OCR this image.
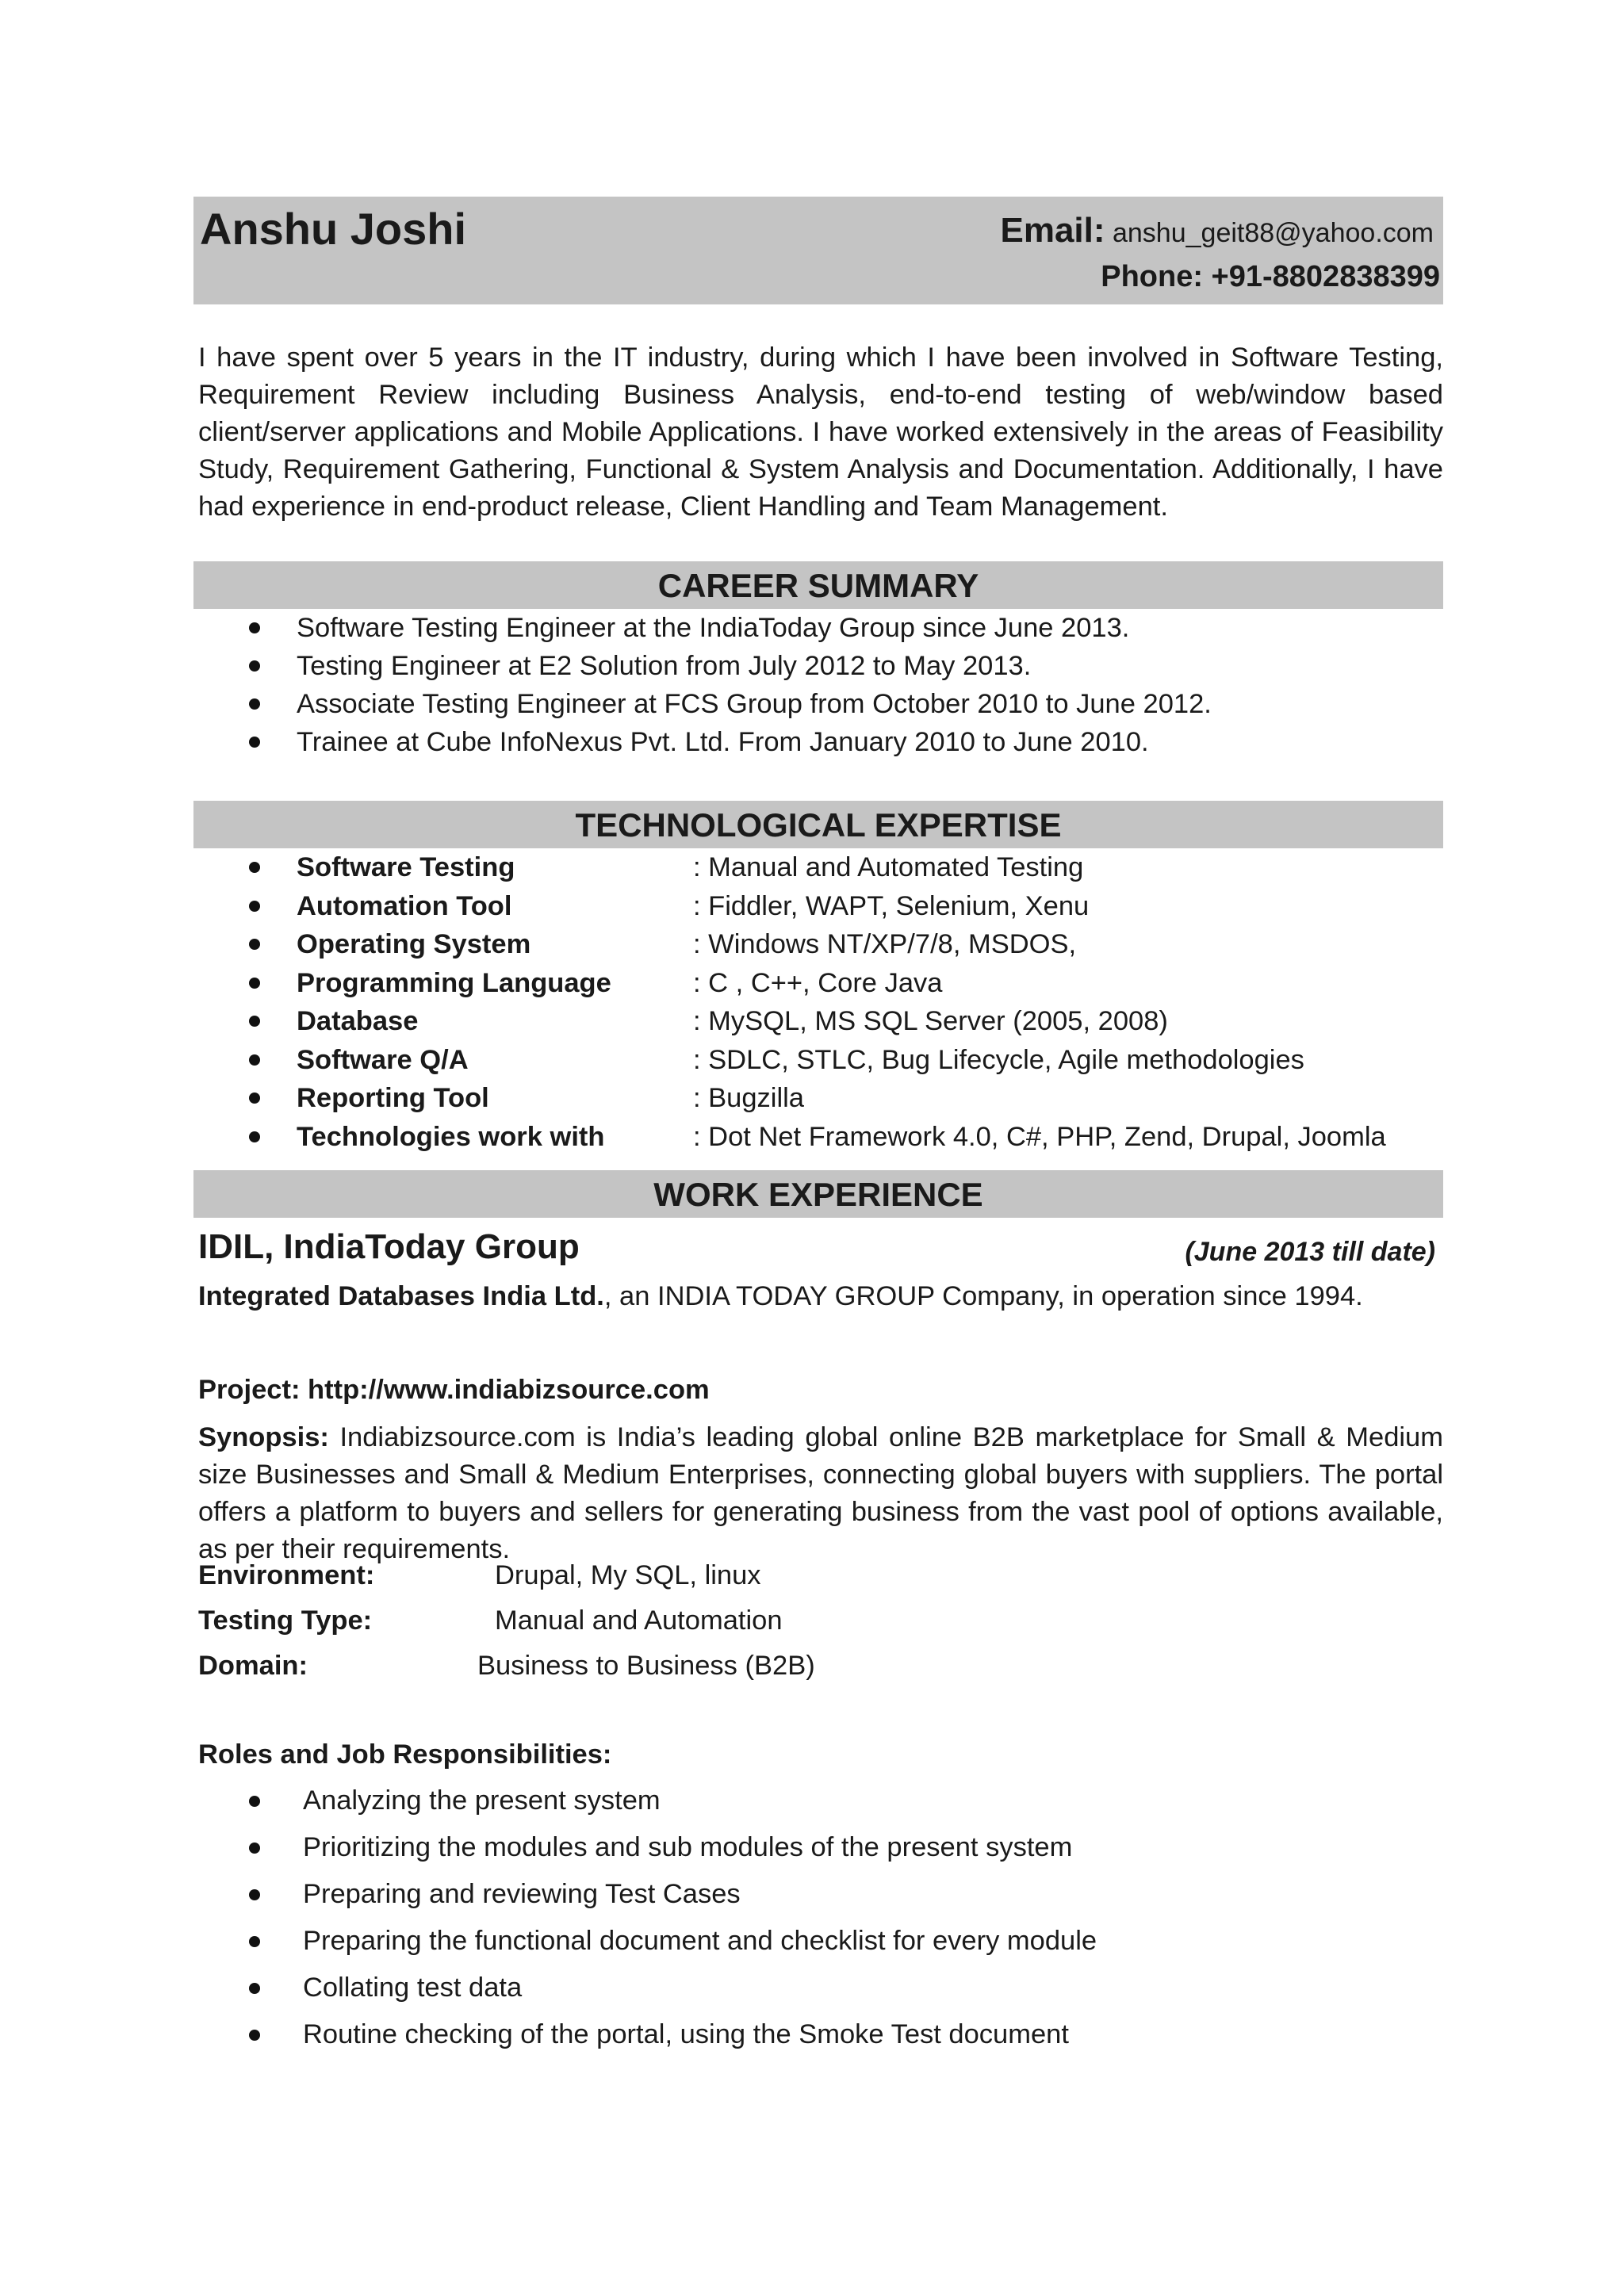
Anshu Joshi	Email: anshu_geit88@yahoo.com
Phone: +91-8802838399
I have spent over 5 years in the IT industry, during which I have been involved in Software Testing, Requirement Review including Business Analysis, end-to-end testing of web/window based client/server applications and Mobile Applications. I have worked extensively in the areas of Feasibility Study, Requirement Gathering, Functional & System Analysis and Documentation. Additionally, I have had experience in end-product release, Client Handling and Team Management.
CAREER SUMMARY
Software Testing Engineer at the IndiaToday Group since June 2013.
Testing Engineer at E2 Solution from July 2012 to May 2013.
Associate Testing Engineer at FCS Group from October 2010 to June 2012.
Trainee at Cube InfoNexus Pvt. Ltd. From January 2010 to June 2010.
TECHNOLOGICAL EXPERTISE
Software Testing	: Manual and Automated Testing
Automation Tool	: Fiddler, WAPT, Selenium, Xenu
Operating System	: Windows NT/XP/7/8, MSDOS,
Programming Language	: C , C++, Core Java
Database	: MySQL, MS SQL Server (2005, 2008)
Software Q/A	: SDLC, STLC, Bug Lifecycle, Agile methodologies
Reporting Tool	: Bugzilla
Technologies work with	: Dot Net Framework 4.0, C#, PHP, Zend, Drupal, Joomla
WORK EXPERIENCE
IDIL, IndiaToday Group	(June 2013 till date)
Integrated Databases India Ltd., an INDIA TODAY GROUP Company, in operation since 1994.
Project: http://www.indiabizsource.com
Synopsis: Indiabizsource.com is India’s leading global online B2B marketplace for Small & Medium size Businesses and Small & Medium Enterprises, connecting global buyers with suppliers. The portal offers a platform to buyers and sellers for generating business from the vast pool of options available, as per their requirements.
Environment:	Drupal, My SQL, linux
Testing Type:	Manual and Automation
Domain:	Business to Business (B2B)
Roles and Job Responsibilities:
Analyzing the present system
Prioritizing the modules and sub modules of the present system
Preparing and reviewing Test Cases
Preparing the functional document and checklist for every module
Collating test data
Routine checking of the portal, using the Smoke Test document
